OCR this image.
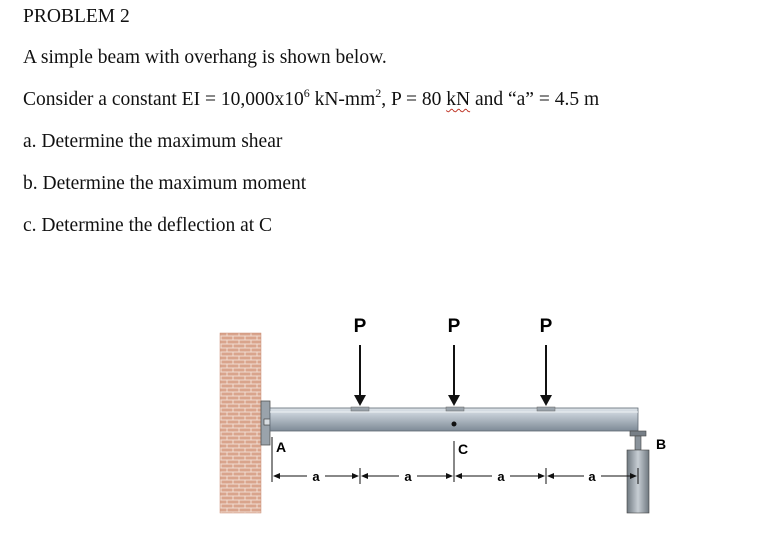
PROBLEM 2
A simple beam with overhang is shown below.
Consider a constant EI = $10,000x10^6$ $kN-mm^2$, P = 80 kN and “a” = 4.5 m
a. Determine the maximum shear
b. Determine the maximum moment
c. Determine the deflection at C
P	P	P
A	C	B
a	a	a	a
